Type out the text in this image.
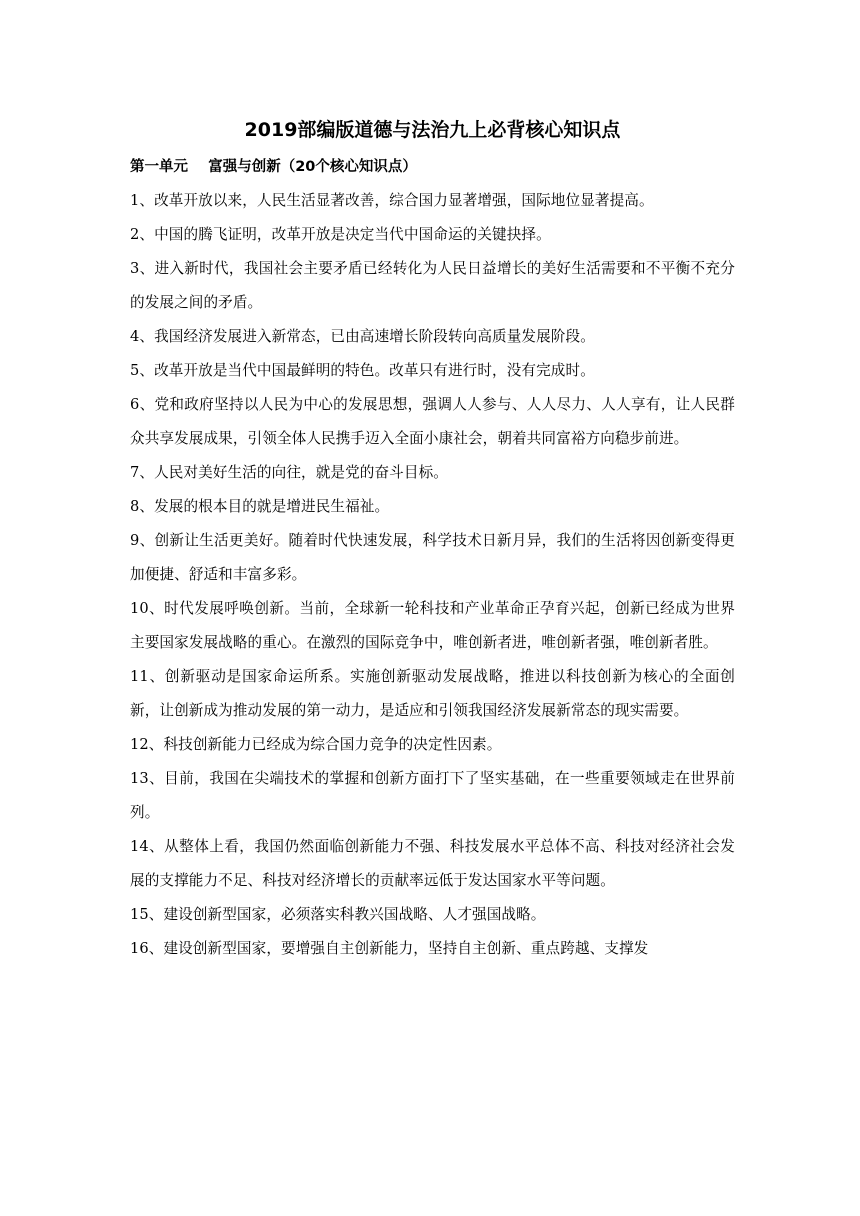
2019部编版道德与法治九上必背核心知识点

第一单元    富强与创新（20个核心知识点）

1、改革开放以来，人民生活显著改善，综合国力显著增强，国际地位显著提高。

2、中国的腾飞证明，改革开放是决定当代中国命运的关键抉择。

3、进入新时代，我国社会主要矛盾已经转化为人民日益增长的美好生活需要和不平衡不充分的发展之间的矛盾。

4、我国经济发展进入新常态，已由高速增长阶段转向高质量发展阶段。

5、改革开放是当代中国最鲜明的特色。改革只有进行时，没有完成时。

6、党和政府坚持以人民为中心的发展思想，强调人人参与、人人尽力、人人享有，让人民群众共享发展成果，引领全体人民携手迈入全面小康社会，朝着共同富裕方向稳步前进。

7、人民对美好生活的向往，就是党的奋斗目标。

8、发展的根本目的就是增进民生福祉。

9、创新让生活更美好。随着时代快速发展，科学技术日新月异，我们的生活将因创新变得更加便捷、舒适和丰富多彩。

10、时代发展呼唤创新。当前，全球新一轮科技和产业革命正孕育兴起，创新已经成为世界主要国家发展战略的重心。在激烈的国际竞争中，唯创新者进，唯创新者强，唯创新者胜。

11、创新驱动是国家命运所系。实施创新驱动发展战略，推进以科技创新为核心的全面创新，让创新成为推动发展的第一动力，是适应和引领我国经济发展新常态的现实需要。

12、科技创新能力已经成为综合国力竞争的决定性因素。

13、目前，我国在尖端技术的掌握和创新方面打下了坚实基础，在一些重要领域走在世界前列。

14、从整体上看，我国仍然面临创新能力不强、科技发展水平总体不高、科技对经济社会发展的支撑能力不足、科技对经济增长的贡献率远低于发达国家水平等问题。

15、建设创新型国家，必须落实科教兴国战略、人才强国战略。

16、建设创新型国家，要增强自主创新能力，坚持自主创新、重点跨越、支撑发
